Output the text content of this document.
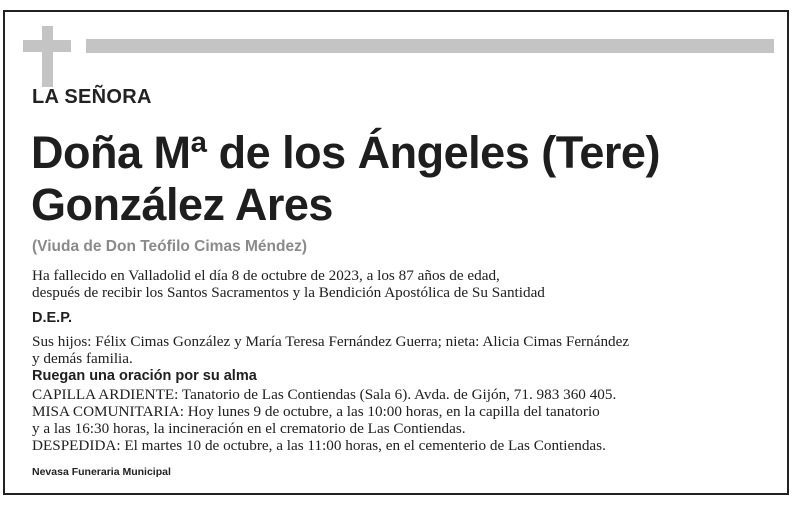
LA SEÑORA
Doña Mª de los Ángeles (Tere)
González Ares
(Viuda de Don Teófilo Cimas Méndez)
Ha fallecido en Valladolid el día 8 de octubre de 2023, a los 87 años de edad,
después de recibir los Santos Sacramentos y la Bendición Apostólica de Su Santidad
D.E.P.
Sus hijos: Félix Cimas González y María Teresa Fernández Guerra; nieta: Alicia Cimas Fernández
y demás familia.
Ruegan una oración por su alma
CAPILLA ARDIENTE: Tanatorio de Las Contiendas (Sala 6). Avda. de Gijón, 71. 983 360 405.
MISA COMUNITARIA: Hoy lunes 9 de octubre, a las 10:00 horas, en la capilla del tanatorio
y a las 16:30 horas, la incineración en el crematorio de Las Contiendas.
DESPEDIDA: El martes 10 de octubre, a las 11:00 horas, en el cementerio de Las Contiendas.
Nevasa Funeraria Municipal
